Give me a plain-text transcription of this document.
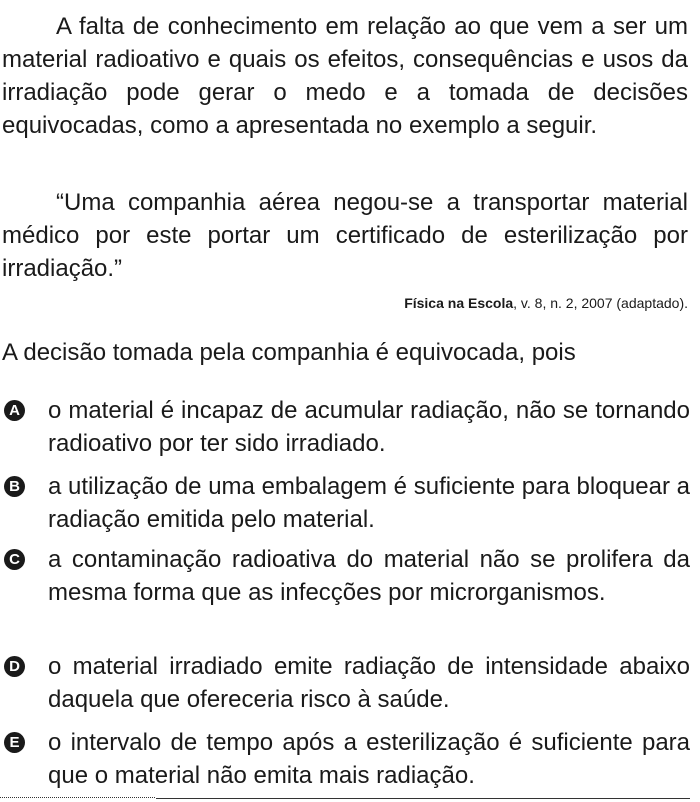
A falta de conhecimento em relação ao que vem a ser um material radioativo e quais os efeitos, consequências e usos da irradiação pode gerar o medo e a tomada de decisões equivocadas, como a apresentada no exemplo a seguir.

“Uma companhia aérea negou-se a transportar material médico por este portar um certificado de esterilização por irradiação.”

Física na Escola, v. 8, n. 2, 2007 (adaptado).

A decisão tomada pela companhia é equivocada, pois

A o material é incapaz de acumular radiação, não se tornando radioativo por ter sido irradiado.
B a utilização de uma embalagem é suficiente para bloquear a radiação emitida pelo material.
C a contaminação radioativa do material não se prolifera da mesma forma que as infecções por microrganismos.
D o material irradiado emite radiação de intensidade abaixo daquela que ofereceria risco à saúde.
E o intervalo de tempo após a esterilização é suficiente para que o material não emita mais radiação.
